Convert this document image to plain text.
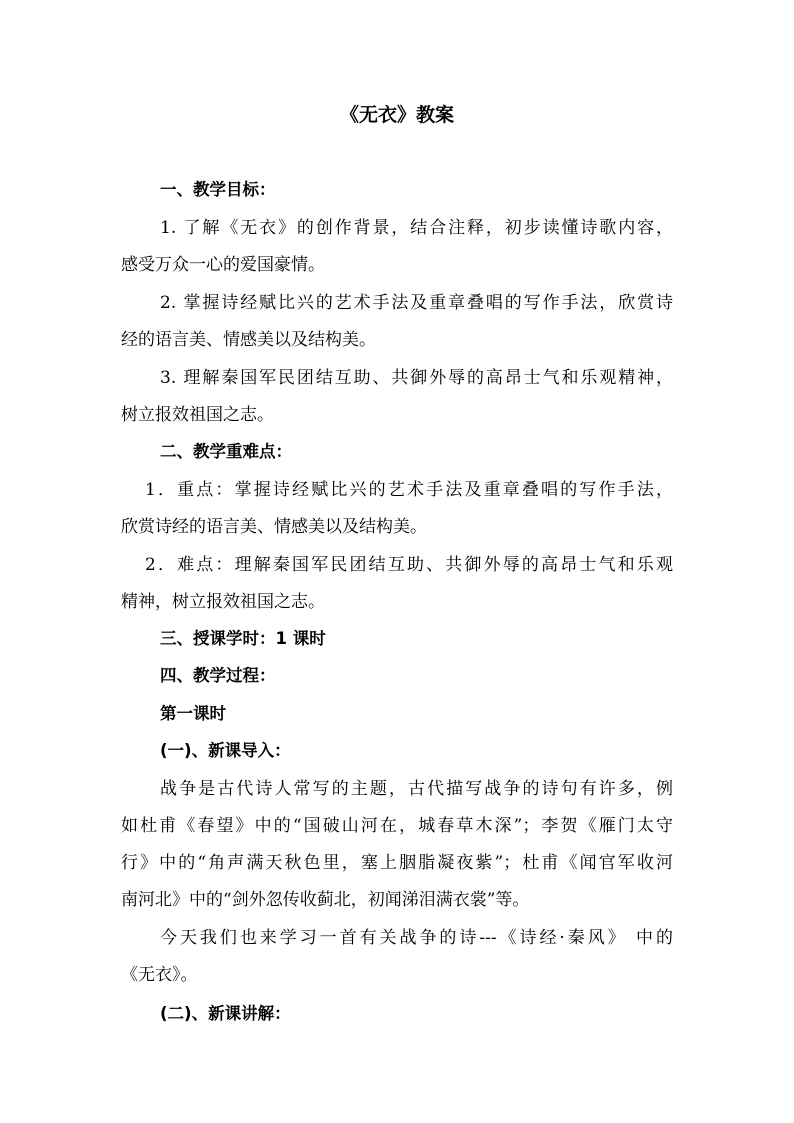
《无衣》教案
一、教学目标：
1. 了解《无衣》的创作背景，结合注释，初步读懂诗歌内容，
感受万众一心的爱国豪情。
2. 掌握诗经赋比兴的艺术手法及重章叠唱的写作手法，欣赏诗
经的语言美、情感美以及结构美。
3. 理解秦国军民团结互助、共御外辱的高昂士气和乐观精神，
树立报效祖国之志。
二、教学重难点：
1．重点：掌握诗经赋比兴的艺术手法及重章叠唱的写作手法，
欣赏诗经的语言美、情感美以及结构美。
2．难点：理解秦国军民团结互助、共御外辱的高昂士气和乐观
精神，树立报效祖国之志。
三、授课学时：1 课时
四、教学过程：
第一课时
(一)、新课导入：
战争是古代诗人常写的主题，古代描写战争的诗句有许多，例
如杜甫《春望》中的“国破山河在，城春草木深”；李贺《雁门太守
行》中的“角声满天秋色里，塞上胭脂凝夜紫”；杜甫《闻官军收河
南河北》中的“剑外忽传收蓟北，初闻涕泪满衣裳”等。
今天我们也来学习一首有关战争的诗---《诗经·秦风》 中的
《无衣》。
(二)、新课讲解：
